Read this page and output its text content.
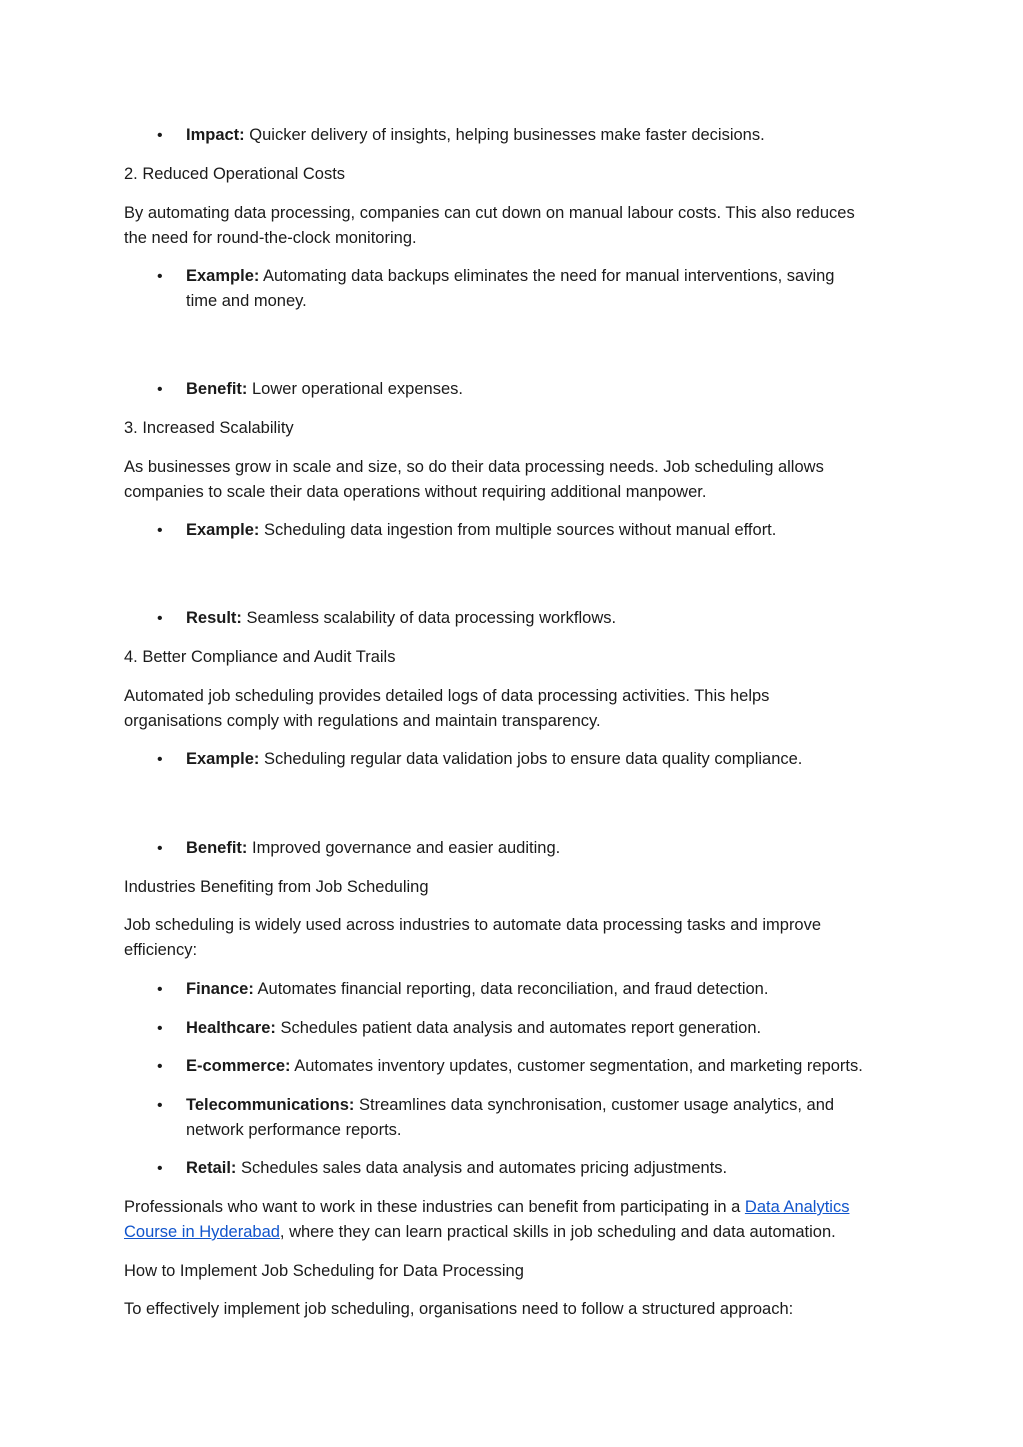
• Impact: Quicker delivery of insights, helping businesses make faster decisions.
2. Reduced Operational Costs
By automating data processing, companies can cut down on manual labour costs. This also reduces
the need for round-the-clock monitoring.
• Example: Automating data backups eliminates the need for manual interventions, saving
time and money.
• Benefit: Lower operational expenses.
3. Increased Scalability
As businesses grow in scale and size, so do their data processing needs. Job scheduling allows
companies to scale their data operations without requiring additional manpower.
• Example: Scheduling data ingestion from multiple sources without manual effort.
• Result: Seamless scalability of data processing workflows.
4. Better Compliance and Audit Trails
Automated job scheduling provides detailed logs of data processing activities. This helps
organisations comply with regulations and maintain transparency.
• Example: Scheduling regular data validation jobs to ensure data quality compliance.
• Benefit: Improved governance and easier auditing.
Industries Benefiting from Job Scheduling
Job scheduling is widely used across industries to automate data processing tasks and improve
efficiency:
• Finance: Automates financial reporting, data reconciliation, and fraud detection.
• Healthcare: Schedules patient data analysis and automates report generation.
• E-commerce: Automates inventory updates, customer segmentation, and marketing reports.
• Telecommunications: Streamlines data synchronisation, customer usage analytics, and
network performance reports.
• Retail: Schedules sales data analysis and automates pricing adjustments.
Professionals who want to work in these industries can benefit from participating in a Data Analytics
Course in Hyderabad, where they can learn practical skills in job scheduling and data automation.
How to Implement Job Scheduling for Data Processing
To effectively implement job scheduling, organisations need to follow a structured approach:
